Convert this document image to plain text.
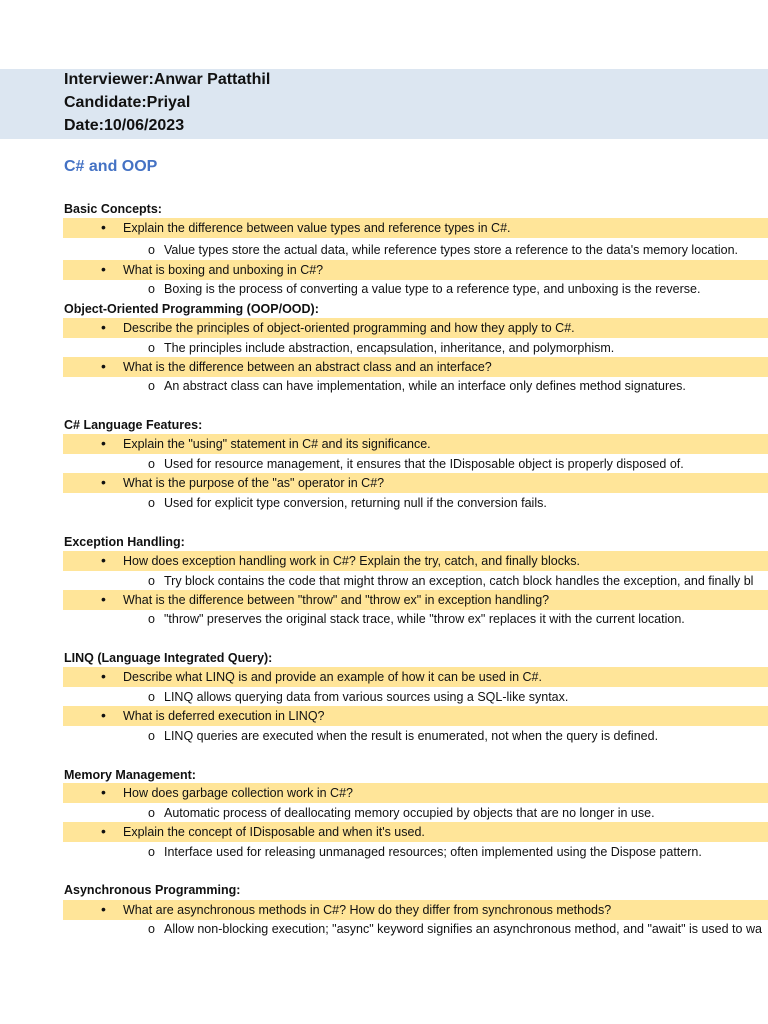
Interviewer:Anwar Pattathil
Candidate:Priyal
Date:10/06/2023
C# and OOP
Basic Concepts:
• Explain the difference between value types and reference types in C#.
o Value types store the actual data, while reference types store a reference to the data's memory location.
• What is boxing and unboxing in C#?
o Boxing is the process of converting a value type to a reference type, and unboxing is the reverse.
Object-Oriented Programming (OOP/OOD):
• Describe the principles of object-oriented programming and how they apply to C#.
o The principles include abstraction, encapsulation, inheritance, and polymorphism.
• What is the difference between an abstract class and an interface?
o An abstract class can have implementation, while an interface only defines method signatures.
C# Language Features:
• Explain the "using" statement in C# and its significance.
o Used for resource management, it ensures that the IDisposable object is properly disposed of.
• What is the purpose of the "as" operator in C#?
o Used for explicit type conversion, returning null if the conversion fails.
Exception Handling:
• How does exception handling work in C#? Explain the try, catch, and finally blocks.
o Try block contains the code that might throw an exception, catch block handles the exception, and finally bl
• What is the difference between "throw" and "throw ex" in exception handling?
o "throw" preserves the original stack trace, while "throw ex" replaces it with the current location.
LINQ (Language Integrated Query):
• Describe what LINQ is and provide an example of how it can be used in C#.
o LINQ allows querying data from various sources using a SQL-like syntax.
• What is deferred execution in LINQ?
o LINQ queries are executed when the result is enumerated, not when the query is defined.
Memory Management:
• How does garbage collection work in C#?
o Automatic process of deallocating memory occupied by objects that are no longer in use.
• Explain the concept of IDisposable and when it's used.
o Interface used for releasing unmanaged resources; often implemented using the Dispose pattern.
Asynchronous Programming:
• What are asynchronous methods in C#? How do they differ from synchronous methods?
o Allow non-blocking execution; "async" keyword signifies an asynchronous method, and "await" is used to wa
